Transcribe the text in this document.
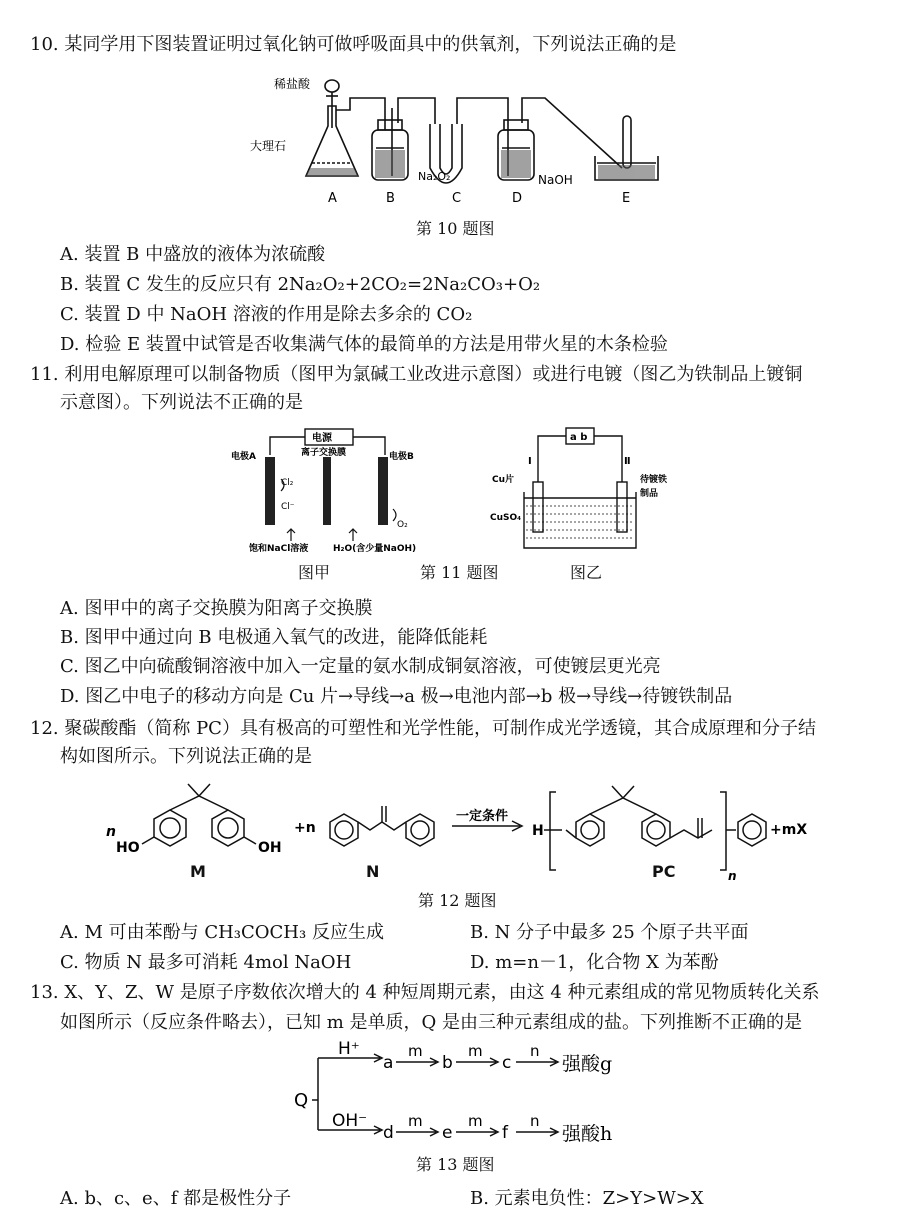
10. 某同学用下图装置证明过氧化钠可做呼吸面具中的供氧剂，下列说法正确的是
稀盐酸
大理石
Na₂O₂	NaOH
A	B	C	D	E
第 10 题图
A. 装置 B 中盛放的液体为浓硫酸
B. 装置 C 发生的反应只有 2Na₂O₂+2CO₂=2Na₂CO₃+O₂
C. 装置 D 中 NaOH 溶液的作用是除去多余的 CO₂
D. 检验 E 装置中试管是否收集满气体的最简单的方法是用带火星的木条检验
11. 利用电解原理可以制备物质（图甲为氯碱工业改进示意图）或进行电镀（图乙为铁制品上镀铜
示意图）。下列说法不正确的是
电源
离子交换膜
电极A	电极B
Cl₂
Cl⁻
O₂
饱和NaCl溶液	H₂O(含少量NaOH)
图甲	第 11 题图
a b
Ⅰ	Ⅱ
Cu片
CuSO₄
待镀铁
制品
图乙
A. 图甲中的离子交换膜为阳离子交换膜
B. 图甲中通过向 B 电极通入氧气的改进，能降低能耗
C. 图乙中向硫酸铜溶液中加入一定量的氨水制成铜氨溶液，可使镀层更光亮
D. 图乙中电子的移动方向是 Cu 片→导线→a 极→电池内部→b 极→导线→待镀铁制品
12. 聚碳酸酯（简称 PC）具有极高的可塑性和光学性能，可制作成光学透镜，其合成原理和分子结
构如图所示。下列说法正确的是
n
HO	OH
+n
一定条件
H
n
+mX
M	N	PC
第 12 题图
A. M 可由苯酚与 CH₃COCH₃ 反应生成	B. N 分子中最多 25 个原子共平面
C. 物质 N 最多可消耗 4mol NaOH	D. m=n－1，化合物 X 为苯酚
13. X、Y、Z、W 是原子序数依次增大的 4 种短周期元素，由这 4 种元素组成的常见物质转化关系
如图所示（反应条件略去），已知 m 是单质，Q 是由三种元素组成的盐。下列推断不正确的是
Q
H⁺
OH⁻
a	b	c
d	e	f
m	m	n
m	m	n
强酸g
强酸h
第 13 题图
A. b、c、e、f 都是极性分子	B. 元素电负性：Z>Y>W>X
